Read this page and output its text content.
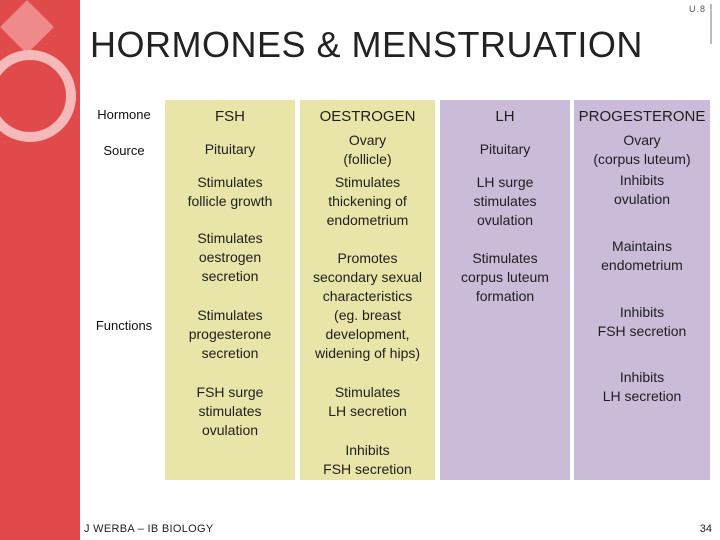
U.8
HORMONES & MENSTRUATION
Hormone
Source
Functions
FSH
Pituitary
Stimulates
follicle growth
Stimulates
oestrogen
secretion
Stimulates
progesterone
secretion
FSH surge
stimulates
ovulation
OESTROGEN
Ovary
(follicle)
Stimulates
thickening of
endometrium
Promotes
secondary sexual
characteristics
(eg. breast
development,
widening of hips)
Stimulates
LH secretion
Inhibits
FSH secretion
LH
Pituitary
LH surge
stimulates
ovulation
Stimulates
corpus luteum
formation
PROGESTERONE
Ovary
(corpus luteum)
Inhibits
ovulation
Maintains
endometrium
Inhibits
FSH secretion
Inhibits
LH secretion
J WERBA – IB BIOLOGY	34
